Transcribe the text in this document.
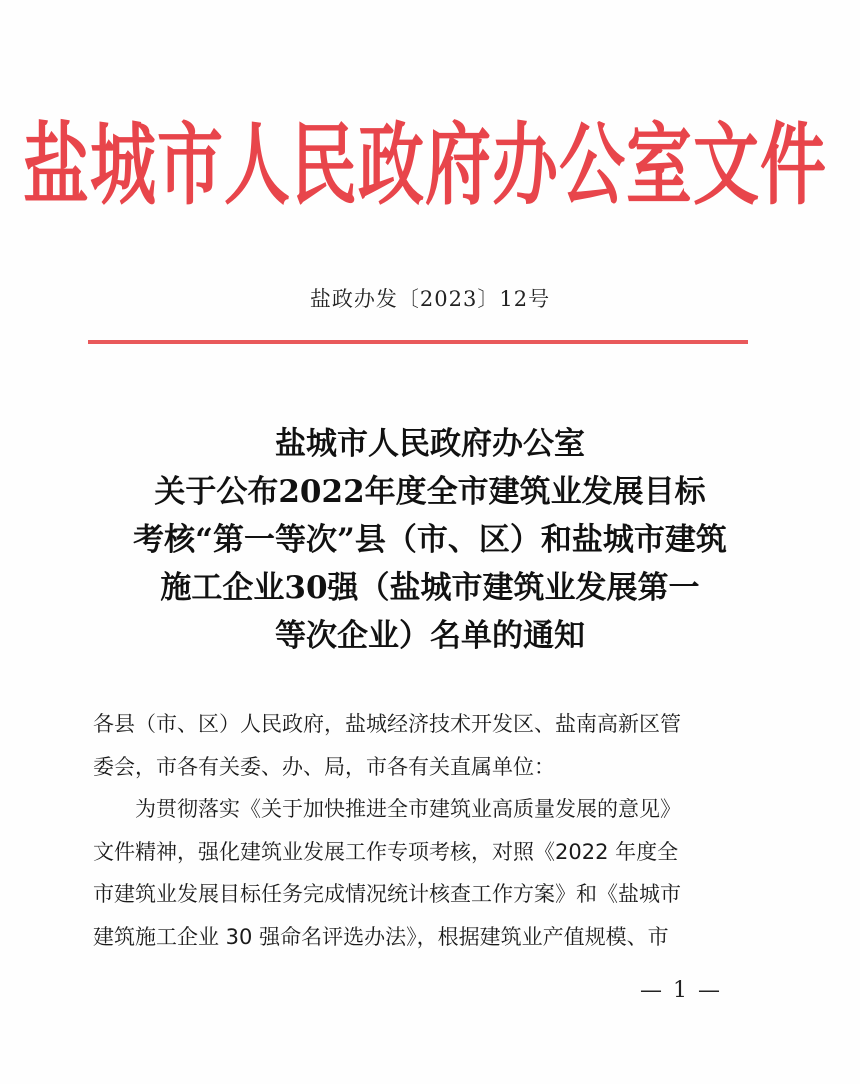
盐城市人民政府办公室文件
盐政办发〔2023〕12号
盐城市人民政府办公室
关于公布2022年度全市建筑业发展目标
考核“第一等次”县（市、区）和盐城市建筑
施工企业30强（盐城市建筑业发展第一
等次企业）名单的通知
各县（市、区）人民政府，盐城经济技术开发区、盐南高新区管
委会，市各有关委、办、局，市各有关直属单位：
　　为贯彻落实《关于加快推进全市建筑业高质量发展的意见》
文件精神，强化建筑业发展工作专项考核，对照《2022 年度全
市建筑业发展目标任务完成情况统计核查工作方案》和《盐城市
建筑施工企业 30 强命名评选办法》，根据建筑业产值规模、市
— 1 —
